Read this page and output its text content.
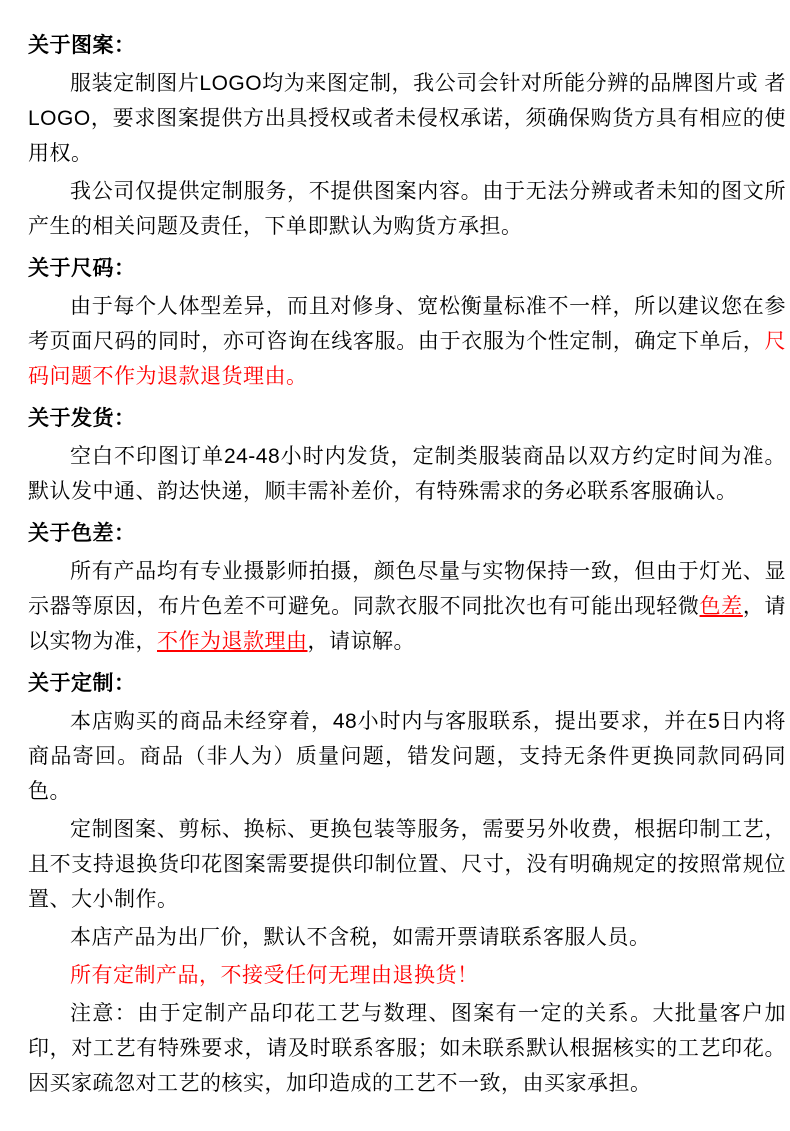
关于图案：

服装定制图片LOGO均为来图定制，我公司会针对所能分辨的品牌图片或 者LOGO，要求图案提供方出具授权或者未侵权承诺，须确保购货方具有相应的使用权。

我公司仅提供定制服务，不提供图案内容。由于无法分辨或者未知的图文所产生的相关问题及责任，下单即默认为购货方承担。

关于尺码：

由于每个人体型差异，而且对修身、宽松衡量标准不一样，所以建议您在参考页面尺码的同时，亦可咨询在线客服。由于衣服为个性定制，确定下单后，尺码问题不作为退款退货理由。

关于发货：

空白不印图订单24-48小时内发货，定制类服装商品以双方约定时间为准。默认发中通、韵达快递，顺丰需补差价，有特殊需求的务必联系客服确认。

关于色差：

所有产品均有专业摄影师拍摄，颜色尽量与实物保持一致，但由于灯光、显示器等原因，布片色差不可避免。同款衣服不同批次也有可能出现轻微色差，请以实物为准，不作为退款理由，请谅解。

关于定制：

本店购买的商品未经穿着，48小时内与客服联系，提出要求，并在5日内将商品寄回。商品（非人为）质量问题，错发问题，支持无条件更换同款同码同色。

定制图案、剪标、换标、更换包装等服务，需要另外收费，根据印制工艺，且不支持退换货印花图案需要提供印制位置、尺寸，没有明确规定的按照常规位置、大小制作。

本店产品为出厂价，默认不含税，如需开票请联系客服人员。

所有定制产品，不接受任何无理由退换货！

注意：由于定制产品印花工艺与数理、图案有一定的关系。大批量客户加印，对工艺有特殊要求，请及时联系客服；如未联系默认根据核实的工艺印花。因买家疏忽对工艺的核实，加印造成的工艺不一致，由买家承担。
